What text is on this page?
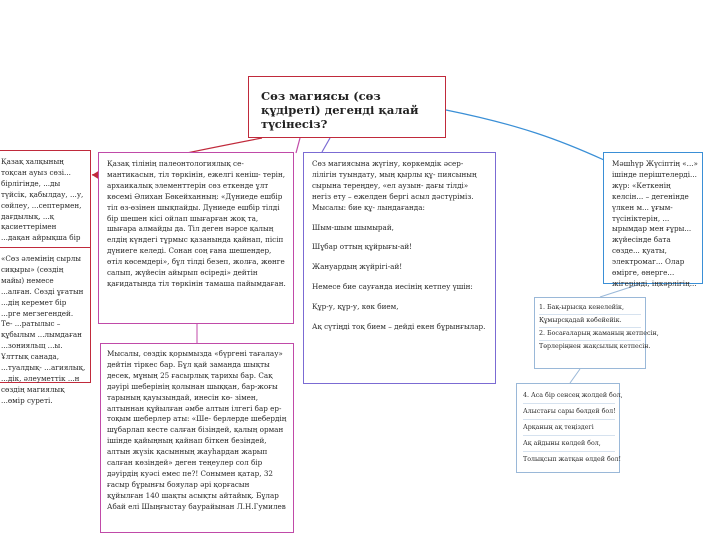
Сөз магиясы (сөз құдіреті) дегенді қалай түсінесіз?
Қазақ халқының тоқсан ауыз сөзі... бірлігінде, ...ды түйсік, қабылдау, ...у, сөйлеу, ...септермен, дағдылық, ...қ қасиеттерімен ...дақан айрықша бір
«Сөз әлемінің сырлы сиқыры» (сөздің майы) немесе ...алған. Сөзді ұғатын ...дің керемет бір ...рге мегзегендей. Те- ...ратылыс – құбылым ...лымдаған ...зонияльщ ...ы. Ұлттық санада, ...туалдық- ...агиялық, ...дік, әлеуметтік ...н сөздің магиялық ...өмір суреті.
Қазақ тілінің палеонтологиялық се- мантикасын, тіл төркінін, ежелгі кеніш- терін, архаикалық элементтерін сөз еткенде ұлт көсемі Әлихан Бөкейханның: «Дүниеде ешбір тіл өз-өзінен шықпайды. Дүниеде ешбір тілді бір шешен кісі ойлап шығарған жоқ та, шығара алмайды да. Тіл деген нәрсе қалың елдің күндегі тұрмыс қазанында қайнап, пісіп дүниеге келеді. Сонан соң ғана шешендер, өтіл көсемдері», бұл тілді безеп, жолға, жөнге салып, жүйесін айырып өсіреді» дейтін қағидатында тіл төркінін тамаша пайымдаған.
Мысалы, сөздік қорымызда «бүргені тағалау» дейтін тіркес бар. Бұл қай заманда шықты десек, мұның 25 ғасырлық тарихы бар. Сақ дәуірі шеберінің қолынан шыққан, бар-жоғы тарының қауызындай, инесін кө- зімен, алтыннан құйылған әмбе алтын ілгегі бар ер-тоқым шеберлер аты: «Ше- берлерде шебердің шұбарлап кесте салған бізіндей, қалың орман ішінде қайыңның қайнап біткен безіндей, алтын жүзік қасынның жауһардан жарып салған көзіндей» деген теңеулер сол бір дәуірдің куәсі емес пе?! Сонымен қатар, 32 ғасыр бұрынғы бояулар әрі қорғасын құйылған 140 шақты асықты айтайық. Бұлар Абай елі Шыңғыстау баурайынан Л.Н.Гумилев

Сөз магиясына жүгіну, көркемдік әсер- лілігін туындату, мың қырлы құ- пиясының сырына тереңдеу, «ел аузын- дағы тілді» негіз ету – ежелден бергі асыл дәстүріміз. Мысалы: бие құ- лындағанда:

Шым-шым шымырай,

Шұбар оттың құйрығы-ай!

Жануардың жүйрігі-ай!

Немесе бие сауғанда иесінің кетпеу үшін:

Құр-у, құр-у, көк бием,

Ақ сүтіңді тоқ бием – дейді екен бұрынғылар.

Мәшһүр Жүсіптің «...» ішінде періштелерді... жүр: «Кеткенің келсін... – дегенінде үлкен м... ұғым-түсініктерін, ... ырымдар мен ғұры... жүйесінде бата сөзде... қуаты, электромаг... Олар өмірге, өнерге... жігерінді, іңкәрлігің...
1. Бақ-ырысқа кенелейік,
Құмырсқадай көбейейік.
2. Босағаларың жаманың жетпесін,
Төрлеріңнен жақсылық кетпесін.
4. Аса бір сенсең жолдей бол,
Алыстағы сары бөлдей бол!
Арқаның ақ теңіздегі
Ақ айдыны көлдей бол,
Толықсып жатқан өлдей бол!
